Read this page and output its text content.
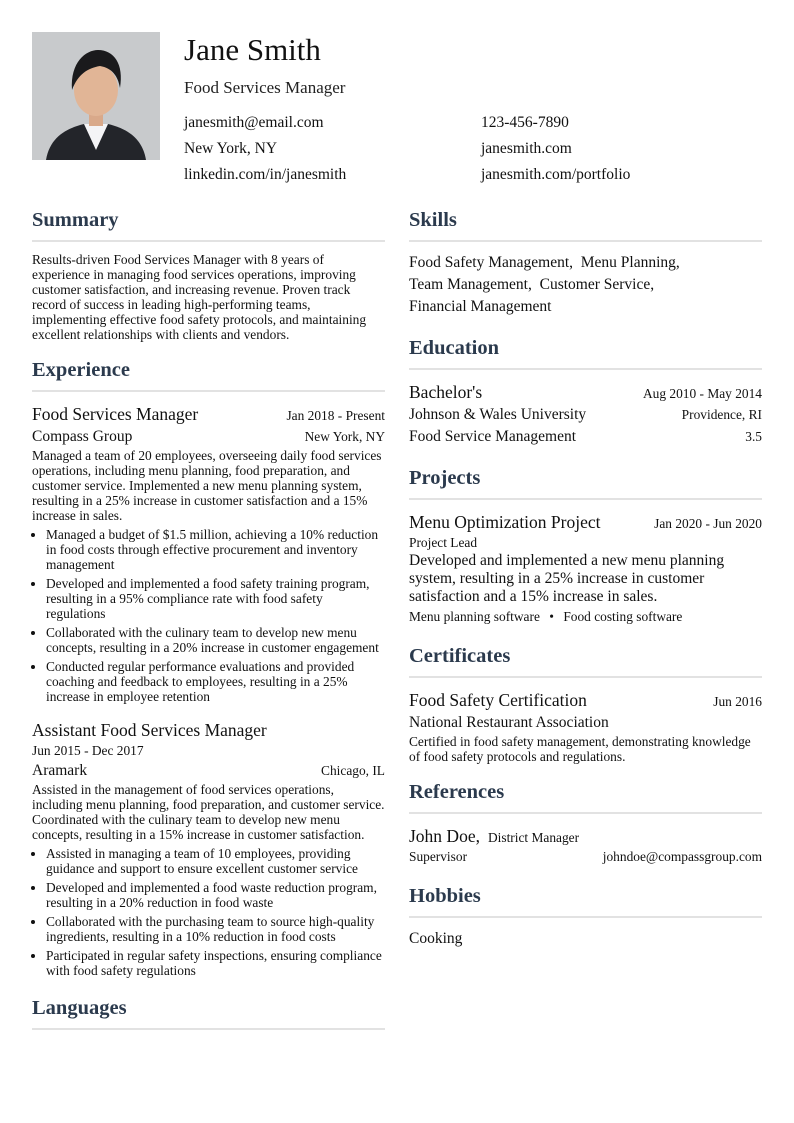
Jane Smith
Food Services Manager
janesmith@email.com	123-456-7890
New York, NY	janesmith.com
linkedin.com/in/janesmith	janesmith.com/portfolio
Summary

Results-driven Food Services Manager with 8 years of experience in managing food services operations, improving customer satisfaction, and increasing revenue. Proven track record of success in leading high-performing teams, implementing effective food safety protocols, and maintaining excellent relationships with clients and vendors.

Experience
Food Services Manager	Jan 2018 - Present
Compass Group	New York, NY

Managed a team of 20 employees, overseeing daily food services operations, including menu planning, food preparation, and customer service. Implemented a new menu planning system, resulting in a 25% increase in customer satisfaction and a 15% increase in sales.

• Managed a budget of $1.5 million, achieving a 10% reduction in food costs through effective procurement and inventory management
• Developed and implemented a food safety training program, resulting in a 95% compliance rate with food safety regulations
• Collaborated with the culinary team to develop new menu concepts, resulting in a 20% increase in customer engagement
• Conducted regular performance evaluations and provided coaching and feedback to employees, resulting in a 25% increase in employee retention
Assistant Food Services Manager
Jun 2015 - Dec 2017
Aramark	Chicago, IL

Assisted in the management of food services operations, including menu planning, food preparation, and customer service. Coordinated with the culinary team to develop new menu concepts, resulting in a 15% increase in customer satisfaction.

• Assisted in managing a team of 10 employees, providing guidance and support to ensure excellent customer service
• Developed and implemented a food waste reduction program, resulting in a 20% reduction in food waste
• Collaborated with the purchasing team to source high-quality ingredients, resulting in a 10% reduction in food costs
• Participated in regular safety inspections, ensuring compliance with food safety regulations
Languages
Skills
Food Safety Management,  Menu Planning,
Team Management,  Customer Service,
Financial Management
Education
Bachelor's	Aug 2010 - May 2014
Johnson & Wales University	Providence, RI
Food Service Management	3.5
Projects
Menu Optimization Project	Jan 2020 - Jun 2020
Project Lead

Developed and implemented a new menu planning system, resulting in a 25% increase in customer satisfaction and a 15% increase in sales.

Menu planning software • Food costing software
Certificates
Food Safety Certification	Jun 2016
National Restaurant Association

Certified in food safety management, demonstrating knowledge of food safety protocols and regulations.

References
John Doe, District Manager
Supervisor	johndoe@compassgroup.com
Hobbies
Cooking
